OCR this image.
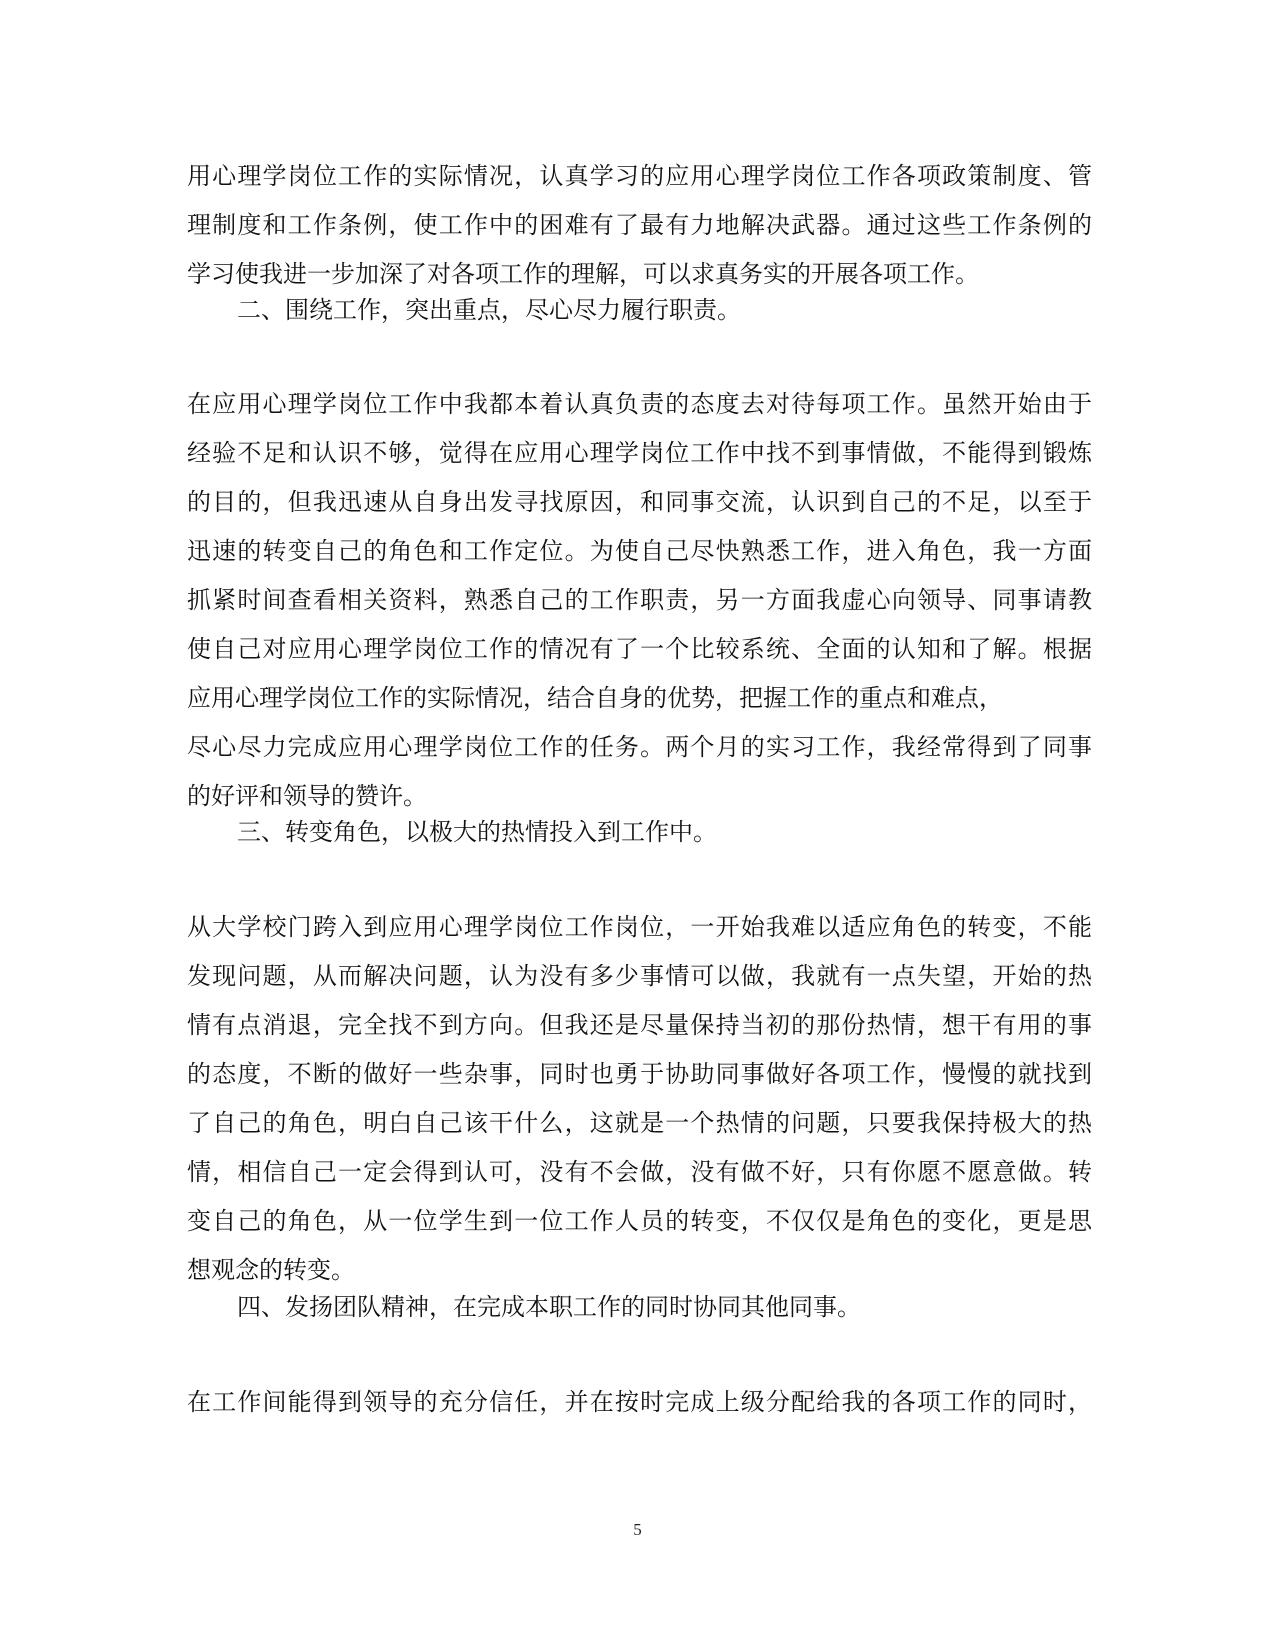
用心理学岗位工作的实际情况，认真学习的应用心理学岗位工作各项政策制度、管
理制度和工作条例，使工作中的困难有了最有力地解决武器。通过这些工作条例的
学习使我进一步加深了对各项工作的理解，可以求真务实的开展各项工作。
二、围绕工作，突出重点，尽心尽力履行职责。
在应用心理学岗位工作中我都本着认真负责的态度去对待每项工作。虽然开始由于
经验不足和认识不够，觉得在应用心理学岗位工作中找不到事情做，不能得到锻炼
的目的，但我迅速从自身出发寻找原因，和同事交流，认识到自己的不足，以至于
迅速的转变自己的角色和工作定位。为使自己尽快熟悉工作，进入角色，我一方面
抓紧时间查看相关资料，熟悉自己的工作职责，另一方面我虚心向领导、同事请教
使自己对应用心理学岗位工作的情况有了一个比较系统、全面的认知和了解。根据
应用心理学岗位工作的实际情况，结合自身的优势，把握工作的重点和难点，
尽心尽力完成应用心理学岗位工作的任务。两个月的实习工作，我经常得到了同事
的好评和领导的赞许。
三、转变角色，以极大的热情投入到工作中。
从大学校门跨入到应用心理学岗位工作岗位，一开始我难以适应角色的转变，不能
发现问题，从而解决问题，认为没有多少事情可以做，我就有一点失望，开始的热
情有点消退，完全找不到方向。但我还是尽量保持当初的那份热情，想干有用的事
的态度，不断的做好一些杂事，同时也勇于协助同事做好各项工作，慢慢的就找到
了自己的角色，明白自己该干什么，这就是一个热情的问题，只要我保持极大的热
情，相信自己一定会得到认可，没有不会做，没有做不好，只有你愿不愿意做。转
变自己的角色，从一位学生到一位工作人员的转变，不仅仅是角色的变化，更是思
想观念的转变。
四、发扬团队精神，在完成本职工作的同时协同其他同事。
在工作间能得到领导的充分信任，并在按时完成上级分配给我的各项工作的同时，
5
